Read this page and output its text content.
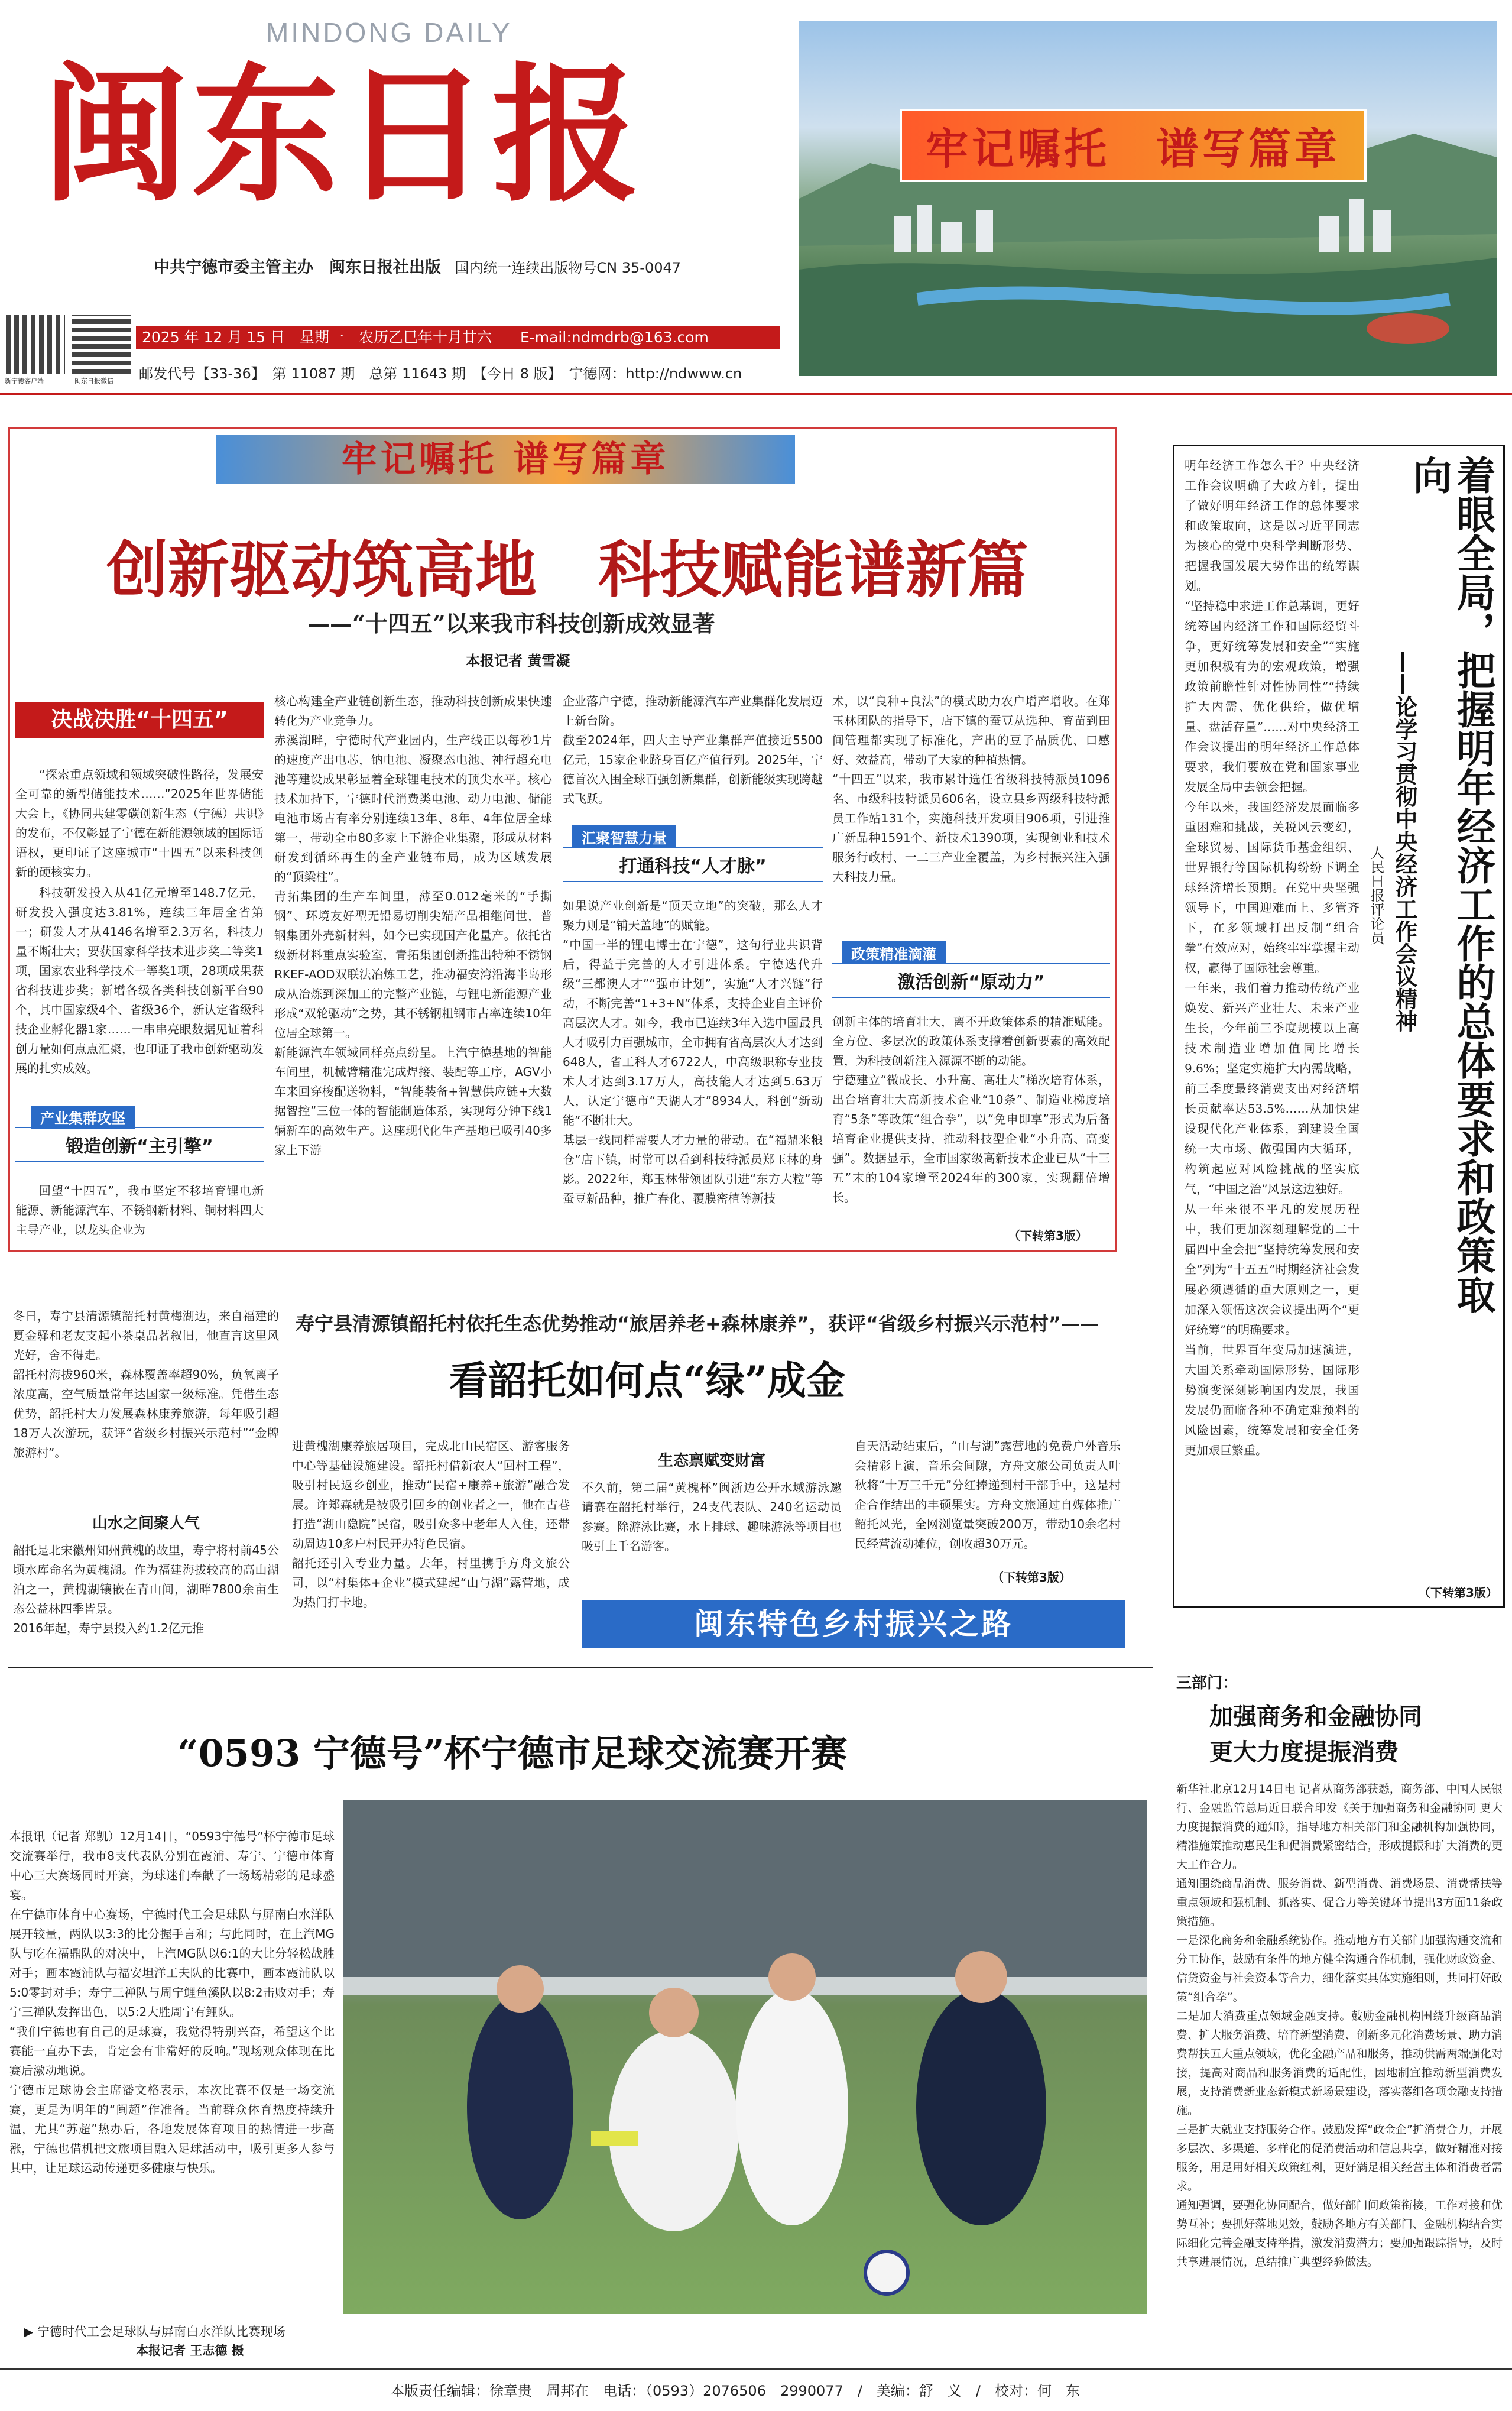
MINDONG DAILY
闽东日报
中共宁德市委主管主办　闽东日报社出版 国内统一连续出版物号CN 35-0047
新宁德客户端	闽东日报微信
2025 年 12 月 15 日　星期一　农历乙巳年十月廿六 E-mail:ndmdrb@163.com
邮发代号【33-36】　 第 11087 期　 总第 11643 期　 【今日 8 版】　 宁德网：http://ndwww.cn
牢记嘱托　谱写篇章
牢记嘱托 谱写篇章
创新驱动筑高地　科技赋能谱新篇
——“十四五”以来我市科技创新成效显著
本报记者 黄雪凝
决战决胜“十四五”

“探索重点领域和领域突破性路径，发展安全可靠的新型储能技术……”2025年世界储能大会上，《协同共建零碳创新生态（宁德）共识》的发布，不仅彰显了宁德在新能源领域的国际话语权，更印证了这座城市“十四五”以来科技创新的硬核实力。

科技研发投入从41亿元增至148.7亿元，研发投入强度达3.81%，连续三年居全省第一；研发人才从4146名增至2.3万名，科技力量不断壮大；要获国家科学技术进步奖二等奖1项，国家农业科学技术一等奖1项，28项成果获省科技进步奖；新增各级各类科技创新平台90个，其中国家级4个、省级36个，新认定省级科技企业孵化器1家……一串串亮眼数据见证着科创力量如何点点汇聚，也印证了我市创新驱动发展的扎实成效。

产业集群攻坚
锻造创新“主引擎”

回望“十四五”，我市坚定不移培育锂电新能源、新能源汽车、不锈钢新材料、铜材料四大主导产业，以龙头企业为

核心构建全产业链创新生态，推动科技创新成果快速转化为产业竞争力。
赤溪湖畔，宁德时代产业园内，生产线正以每秒1片的速度产出电芯，钠电池、凝聚态电池、神行超充电池等建设成果彰显着全球锂电技术的顶尖水平。核心技术加持下，宁德时代消费类电池、动力电池、储能电池市场占有率分别连续13年、8年、4年位居全球第一，带动全市80多家上下游企业集聚，形成从材料研发到循环再生的全产业链布局，成为区域发展的“顶梁柱”。
青拓集团的生产车间里，薄至0.012毫米的“手撕钢”、环境友好型无铅易切削尖端产品相继问世，普钢集团外壳新材料，如今已实现国产化量产。依托省级新材料重点实验室，青拓集团创新推出特种不锈钢RKEF-AOD双联法冶炼工艺，推动福安湾沿海半岛形成从冶炼到深加工的完整产业链，与锂电新能源产业形成“双轮驱动”之势，其不锈钢粗钢市占率连续10年位居全球第一。
新能源汽车领域同样亮点纷呈。上汽宁德基地的智能车间里，机械臂精准完成焊接、装配等工序，AGV小车来回穿梭配送物料，“智能装备+智慧供应链+大数据智控”三位一体的智能制造体系，实现每分钟下线1辆新车的高效生产。这座现代化生产基地已吸引40多家上下游
企业落户宁德，推动新能源汽车产业集群化发展迈上新台阶。
截至2024年，四大主导产业集群产值接近5500亿元，15家企业跻身百亿产值行列。2025年，宁德首次入围全球百强创新集群，创新能级实现跨越式飞跃。
汇聚智慧力量
打通科技“人才脉”
如果说产业创新是“顶天立地”的突破，那么人才聚力则是“铺天盖地”的赋能。
“中国一半的锂电博士在宁德”，这句行业共识背后，得益于完善的人才引进体系。宁德迭代升级“三都澳人才”“强市计划”，实施“人才兴链”行动，不断完善“1+3+N”体系，支持企业自主评价高层次人才。如今，我市已连续3年入选中国最具人才吸引力百强城市，全市拥有省高层次人才达到648人，省工科人才6722人，中高级职称专业技术人才达到3.17万人，高技能人才达到5.63万人，认定宁德市“天湖人才”8934人，科创“新动能”不断壮大。
基层一线同样需要人才力量的带动。在“福鼎米粮仓”店下镇，时常可以看到科技特派员郑玉林的身影。2022年，郑玉林带领团队引进“东方大粒”等蚕豆新品种，推广春化、覆膜密植等新技
术，以“良种+良法”的模式助力农户增产增收。在郑玉林团队的指导下，店下镇的蚕豆从选种、育苗到田间管理都实现了标准化，产出的豆子品质优、口感好、效益高，带动了大家的种植热情。
“十四五”以来，我市累计选任省级科技特派员1096名、市级科技特派员606名，设立县乡两级科技特派员工作站131个，实施科技开发项目906项，引进推广新品种1591个、新技术1390项，实现创业和技术服务行政村、一二三产业全覆盖，为乡村振兴注入强大科技力量。
政策精准滴灌
激活创新“原动力”
创新主体的培育壮大，离不开政策体系的精准赋能。全方位、多层次的政策体系支撑着创新要素的高效配置，为科技创新注入源源不断的动能。
宁德建立“微成长、小升高、高壮大”梯次培育体系，出台培育壮大高新技术企业“10条”、制造业梯度培育“5条”等政策“组合拳”，以“免申即享”形式为后备培育企业提供支持，推动科技型企业“小升高、高变强”。数据显示，全市国家级高新技术企业已从“十三五”末的104家增至2024年的300家，实现翻倍增长。
（下转第3版）
明年经济工作怎么干？中央经济工作会议明确了大政方针，提出了做好明年经济工作的总体要求和政策取向，这是以习近平同志为核心的党中央科学判断形势、把握我国发展大势作出的统筹谋划。
“坚持稳中求进工作总基调，更好统筹国内经济工作和国际经贸斗争，更好统筹发展和安全”“实施更加积极有为的宏观政策，增强政策前瞻性针对性协同性”“持续扩大内需、优化供给，做优增量、盘活存量”……对中央经济工作会议提出的明年经济工作总体要求，我们要放在党和国家事业发展全局中去领会把握。
今年以来，我国经济发展面临多重困难和挑战，关税风云变幻，全球贸易、国际货币基金组织、世界银行等国际机构纷纷下调全球经济增长预期。在党中央坚强领导下，中国迎难而上、多管齐下，在多领域打出反制“组合拳”有效应对，始终牢牢掌握主动权，赢得了国际社会尊重。
一年来，我们着力推动传统产业焕发、新兴产业壮大、未来产业生长，今年前三季度规模以上高技术制造业增加值同比增长9.6%；坚定实施扩大内需战略，前三季度最终消费支出对经济增长贡献率达53.5%……从加快建设现代化产业体系，到建设全国统一大市场、做强国内大循环，构筑起应对风险挑战的坚实底气，“中国之治”风景这边独好。
从一年来很不平凡的发展历程中，我们更加深刻理解党的二十届四中全会把“坚持统筹发展和安全”列为“十五五”时期经济社会发展必须遵循的重大原则之一，更加深入领悟这次会议提出两个“更好统筹”的明确要求。
当前，世界百年变局加速演进，大国关系牵动国际形势，国际形势演变深刻影响国内发展，我国发展仍面临各种不确定难预料的风险因素，统筹发展和安全任务更加艰巨繁重。
着眼全局，把握明年经济工作的总体要求和政策取向
——论学习贯彻中央经济工作会议精神
人民日报评论员
（下转第3版）
寿宁县清源镇韶托村依托生态优势推动“旅居养老+森林康养”，获评“省级乡村振兴示范村”——
看韶托如何点“绿”成金
冬日，寿宁县清源镇韶托村黄梅湖边，来自福建的夏金驿和老友支起小茶桌品茗叙旧，他直言这里风光好，舍不得走。
韶托村海拔960米，森林覆盖率超90%，负氧离子浓度高，空气质量常年达国家一级标准。凭借生态优势，韶托村大力发展森林康养旅游，每年吸引超18万人次游玩，获评“省级乡村振兴示范村”“金牌旅游村”。
山水之间聚人气
韶托是北宋徽州知州黄槐的故里，寿宁将村前45公顷水库命名为黄槐湖。作为福建海拔较高的高山湖泊之一，黄槐湖镶嵌在青山间，湖畔7800余亩生态公益林四季皆景。
2016年起，寿宁县投入约1.2亿元推
进黄槐湖康养旅居项目，完成北山民宿区、游客服务中心等基础设施建设。韶托村借新农人“回村工程”，吸引村民返乡创业，推动“民宿+康养+旅游”融合发展。许郑森就是被吸引回乡的创业者之一，他在古巷打造“湖山隐院”民宿，吸引众多中老年人入住，还带动周边10多户村民开办特色民宿。
韶托还引入专业力量。去年，村里携手方舟文旅公司，以“村集体+企业”模式建起“山与湖”露营地，成为热门打卡地。
生态禀赋变财富
不久前，第二届“黄槐杯”闽浙边公开水域游泳邀请赛在韶托村举行，24支代表队、240名运动员参赛。除游泳比赛，水上排球、趣味游泳等项目也吸引上千名游客。
自天活动结束后，“山与湖”露营地的免费户外音乐会精彩上演，音乐会间隙，方舟文旅公司负责人叶秋将“十万三千元”分红捧递到村干部手中，这是村企合作结出的丰硕果实。方舟文旅通过自媒体推广韶托风光，全网浏览量突破200万，带动10余名村民经营流动摊位，创收超30万元。
（下转第3版）
闽东特色乡村振兴之路
“0593 宁德号”杯宁德市足球交流赛开赛
本报讯（记者 郑凯）12月14日，“0593宁德号”杯宁德市足球交流赛举行，我市8支代表队分别在霞浦、寿宁、宁德市体育中心三大赛场同时开赛，为球迷们奉献了一场场精彩的足球盛宴。
在宁德市体育中心赛场，宁德时代工会足球队与屏南白水洋队展开较量，两队以3:3的比分握手言和；与此同时，在上汽MG队与吃在福鼎队的对决中，上汽MG队以6:1的大比分轻松战胜对手；画本霞浦队与福安坦洋工夫队的比赛中，画本霞浦队以5:0零封对手；寿宁三禅队与周宁鲤鱼溪队以8:2击败对手；寿宁三禅队发挥出色，以5:2大胜周宁有鲤队。
“我们宁德也有自己的足球赛，我觉得特别兴奋，希望这个比赛能一直办下去，肯定会有非常好的反响。”现场观众体现在比赛后激动地说。
宁德市足球协会主席潘文格表示，本次比赛不仅是一场交流赛，更是为明年的“闽超”作准备。当前群众体育热度持续升温，尤其“苏超”热办后，各地发展体育项目的热情进一步高涨，宁德也借机把文旅项目融入足球活动中，吸引更多人参与其中，让足球运动传递更多健康与快乐。
▶ 宁德时代工会足球队与屏南白水洋队比赛现场
本报记者 王志德 摄
三部门：
加强商务和金融协同
更大力度提振消费
新华社北京12月14日电 记者从商务部获悉，商务部、中国人民银行、金融监管总局近日联合印发《关于加强商务和金融协同 更大力度提振消费的通知》，指导地方相关部门和金融机构加强协同，精准施策推动惠民生和促消费紧密结合，形成提振和扩大消费的更大工作合力。
通知围绕商品消费、服务消费、新型消费、消费场景、消费帮扶等重点领域和强机制、抓落实、促合力等关键环节提出3方面11条政策措施。
一是深化商务和金融系统协作。推动地方有关部门加强沟通交流和分工协作，鼓励有条件的地方健全沟通合作机制，强化财政资金、信贷资金与社会资本等合力，细化落实具体实施细则，共同打好政策“组合拳”。
二是加大消费重点领域金融支持。鼓励金融机构围绕升级商品消费、扩大服务消费、培育新型消费、创新多元化消费场景、助力消费帮扶五大重点领域，优化金融产品和服务，推动供需两端强化对接，提高对商品和服务消费的适配性，因地制宜推动新型消费发展，支持消费新业态新模式新场景建设，落实落细各项金融支持措施。
三是扩大就业支持服务合作。鼓励发挥“政金企”扩消费合力，开展多层次、多渠道、多样化的促消费活动和信息共享，做好精准对接服务，用足用好相关政策红利，更好满足相关经营主体和消费者需求。
通知强调，要强化协同配合，做好部门间政策衔接，工作对接和优势互补；要抓好落地见效，鼓励各地方有关部门、金融机构结合实际细化完善金融支持举措，激发消费潜力；要加强跟踪指导，及时共享进展情况，总结推广典型经验做法。
本版责任编辑：徐章贵　周邦在　电话：（0593）2076506　2990077　/　美编：舒　义　/　校对：何　东
